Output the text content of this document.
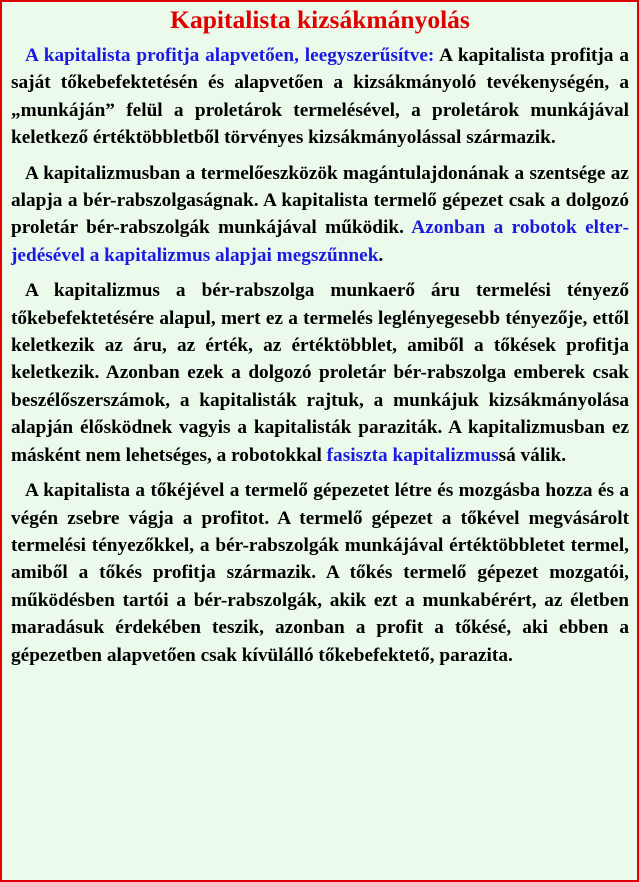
Kapitalista kizsákmányolás

A kapitalista profitja alapvetően, leegyszerűsítve: A kapitalista profitja a saját tőkebefektetésén és alapvetően a kizsákmányoló tevékenységén, a „munkáján” felül a proletárok termelésével, a proletárok munkájával keletkező értéktöbbletből törvényes kizsákmányolással származik.

A kapitalizmusban a termelőeszközök magántulajdonának a szentsége az alapja a bér-rabszolgaságnak. A kapitalista termelő gépezet csak a dolgozó proletár bér-rabszolgák munkájával működik. Azonban a robotok elterjedésével a kapitalizmus alapjai megszűnnek.

A kapitalizmus a bér-rabszolga munkaerő áru termelési tényező tőkebefektetésére alapul, mert ez a termelés leglényegesebb tényezője, ettől keletkezik az áru, az érték, az értéktöbblet, amiből a tőkések profitja keletkezik. Azonban ezek a dolgozó proletár bér-rabszolga emberek csak beszélőszerszámok, a kapitalisták rajtuk, a munkájuk kizsákmányolása alapján élősködnek vagyis a kapitalisták paraziták. A kapitalizmusban ez másként nem lehetséges, a robotokkal fasiszta kapitalizmussá válik.

A kapitalista a tőkéjével a termelő gépezetet létre és mozgásba hozza és a végén zsebre vágja a profitot. A termelő gépezet a tőkével megvásárolt termelési tényezőkkel, a bér-rabszolgák munkájával értéktöbbletet termel, amiből a tőkés profitja származik. A tőkés termelő gépezet mozgatói, működésben tartói a bér-rabszolgák, akik ezt a munkabérért, az életben maradásuk érdekében teszik, azonban a profit a tőkésé, aki ebben a gépezetben alapvetően csak kívülálló tőkebefektető, parazita.
